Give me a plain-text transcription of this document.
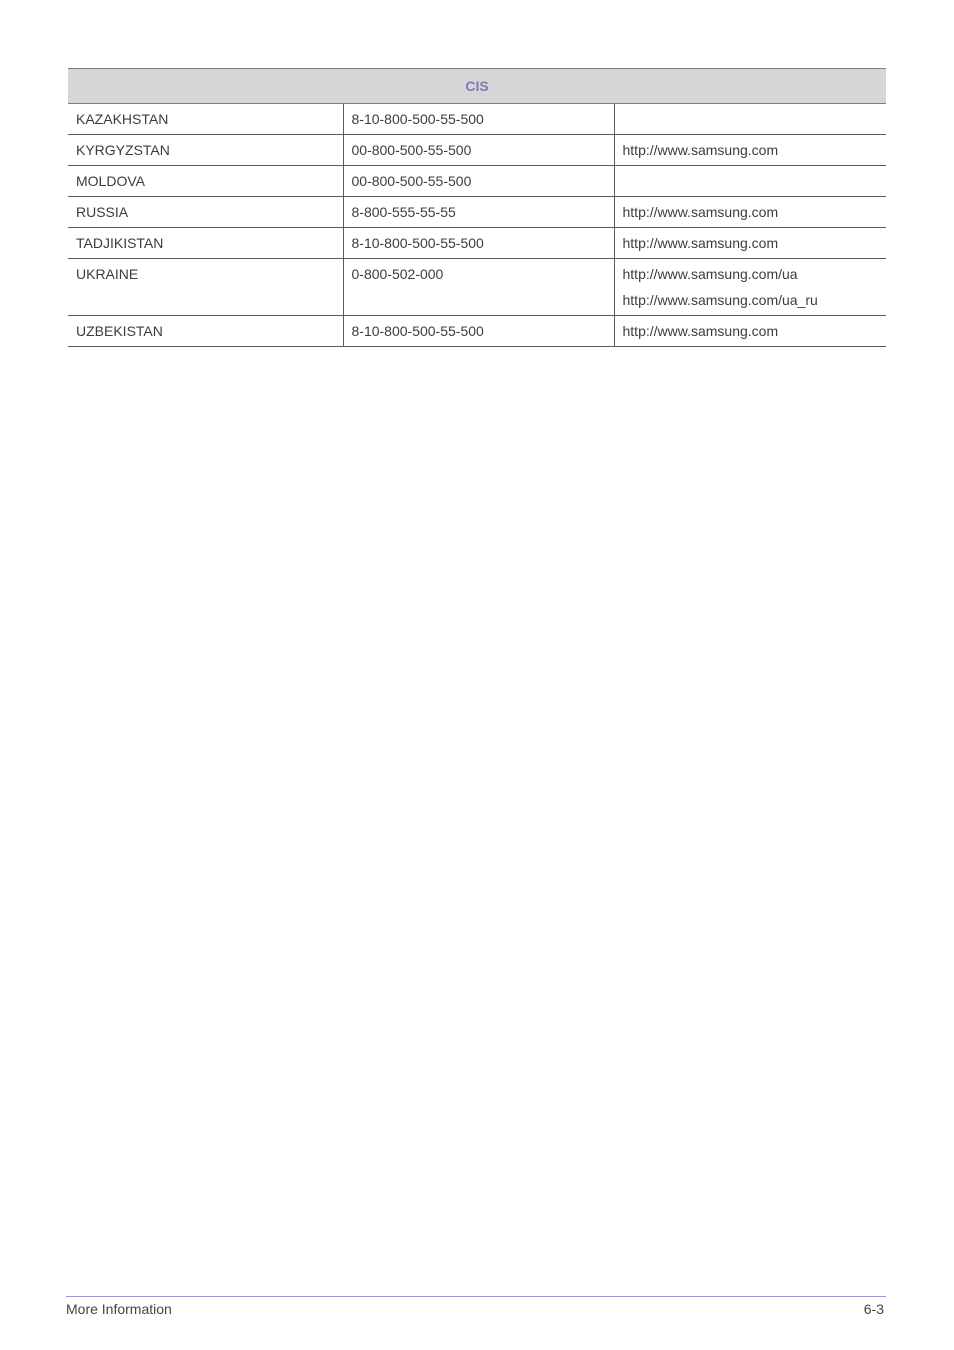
CIS		
KAZAKHSTAN	8-10-800-500-55-500	
KYRGYZSTAN	00-800-500-55-500	http://www.samsung.com

MOLDOVA	00-800-500-55-500	
RUSSIA	8-800-555-55-55	http://www.samsung.com

TADJIKISTAN	8-10-800-500-55-500	http://www.samsung.com

UKRAINE	0-800-502-000	http://www.samsung.com/ua
http://www.samsung.com/ua_ru

UZBEKISTAN	8-10-800-500-55-500	http://www.samsung.com
More Information	6-3
